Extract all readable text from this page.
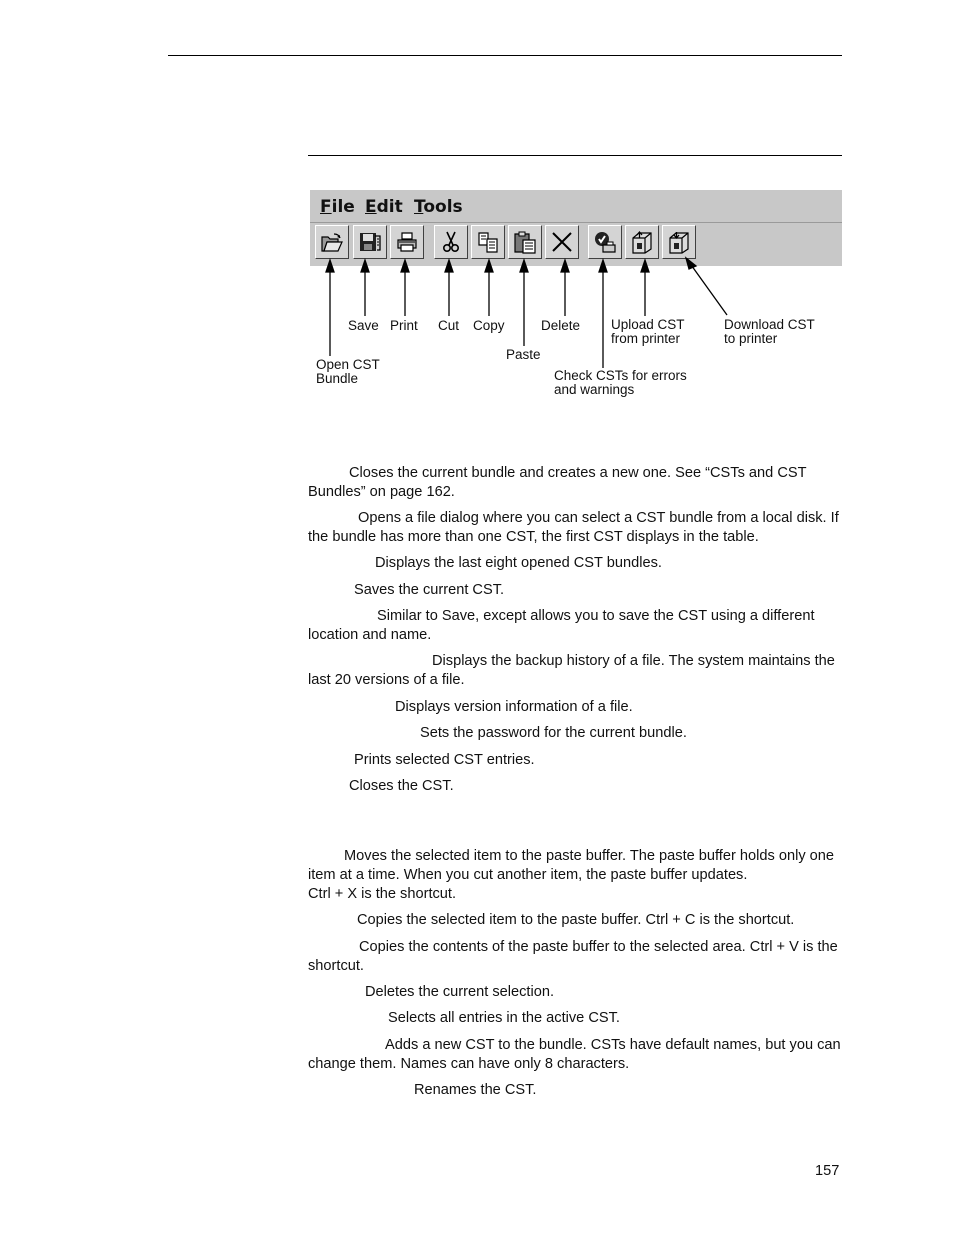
File Edit Tools
Open CST
Bundle
Save Print Cut Copy
Paste
Delete
Check CSTs for errors
and warnings
Upload CST
from printer
Download CST
to printer

Closes the current bundle and creates a new one. See “CSTs and CST Bundles” on page 162.

Opens a file dialog where you can select a CST bundle from a local disk. If the bundle has more than one CST, the first CST displays in the table.

Displays the last eight opened CST bundles.

Saves the current CST.

Similar to Save, except allows you to save the CST using a different location and name.

Displays the backup history of a file. The system maintains the last 20 versions of a file.

Displays version information of a file.

Sets the password for the current bundle.

Prints selected CST entries.

Closes the CST.

Moves the selected item to the paste buffer. The paste buffer holds only one item at a time. When you cut another item, the paste buffer updates.
Ctrl + X is the shortcut.

Copies the selected item to the paste buffer. Ctrl + C is the shortcut.

Copies the contents of the paste buffer to the selected area. Ctrl + V is the shortcut.

Deletes the current selection.

Selects all entries in the active CST.

Adds a new CST to the bundle. CSTs have default names, but you can change them. Names can have only 8 characters.

Renames the CST.

157
